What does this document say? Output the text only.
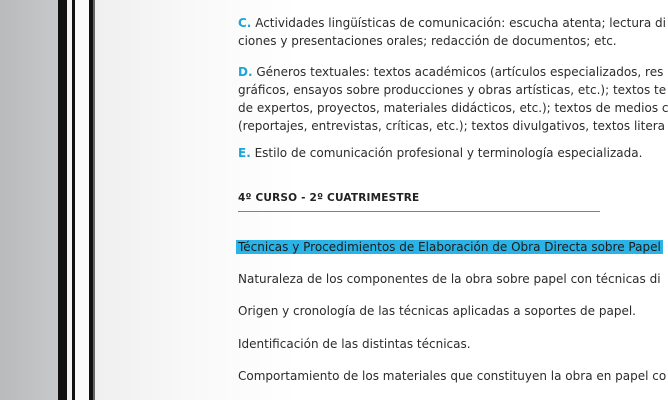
C. Actividades lingüísticas de comunicación: escucha atenta; lectura di
ciones y presentaciones orales; redacción de documentos; etc.
D. Géneros textuales: textos académicos (artículos especializados, res
gráficos, ensayos sobre producciones y obras artísticas, etc.); textos te
de expertos, proyectos, materiales didácticos, etc.); textos de medios c
(reportajes, entrevistas, críticas, etc.); textos divulgativos, textos litera
E. Estilo de comunicación profesional y terminología especializada.
4º CURSO - 2º CUATRIMESTRE
Técnicas y Procedimientos de Elaboración de Obra Directa sobre Papel
Naturaleza de los componentes de la obra sobre papel con técnicas di
Origen y cronología de las técnicas aplicadas a soportes de papel.
Identificación de las distintas técnicas.
Comportamiento de los materiales que constituyen la obra en papel co
